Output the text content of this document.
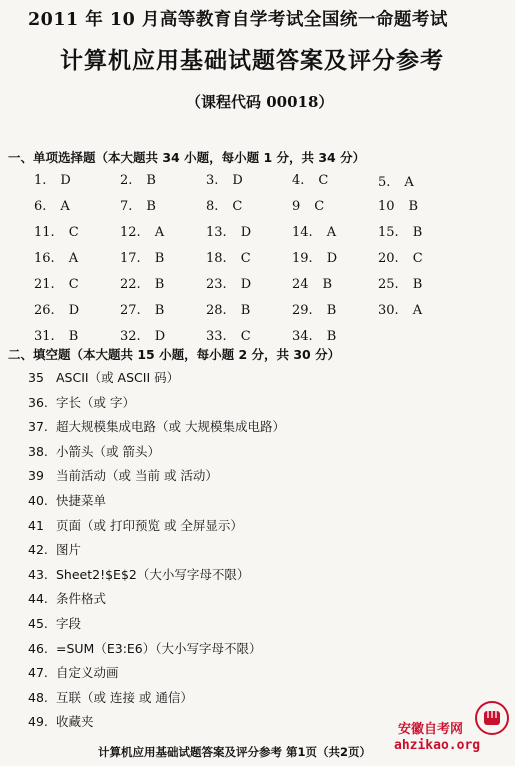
2011 年 10 月高等教育自学考试全国统一命题考试
计算机应用基础试题答案及评分参考
（课程代码 00018）
一、单项选择题（本大题共 34 小题，每小题 1 分，共 34 分）
1. D	2. B	3. D	4. C	5. A
6. A	7. B	8. C	9 C	10 B
11. C	12. A	13. D	14. A	15. B
16. A	17. B	18. C	19. D	20. C
21. C	22. B	23. D	24 B	25. B
26. D	27. B	28. B	29. B	30. A
31. B	32. D	33. C	34. B
二、填空题（本大题共 15 小题，每小题 2 分，共 30 分）
35 ASCII（或 ASCII 码）
36. 字长（或 字）
37. 超大规模集成电路（或 大规模集成电路）
38. 小箭头（或 箭头）
39 当前活动（或 当前 或 活动）
40. 快捷菜单
41 页面（或 打印预览 或 全屏显示）
42. 图片
43. Sheet2!$E$2（大小写字母不限）
44. 条件格式
45. 字段
46. =SUM（E3:E6）（大小写字母不限）
47. 自定义动画
48. 互联（或 连接 或 通信）
49. 收藏夹
计算机应用基础试题答案及评分参考 第1页（共2页）
安徽自考网
ahzikao.org
